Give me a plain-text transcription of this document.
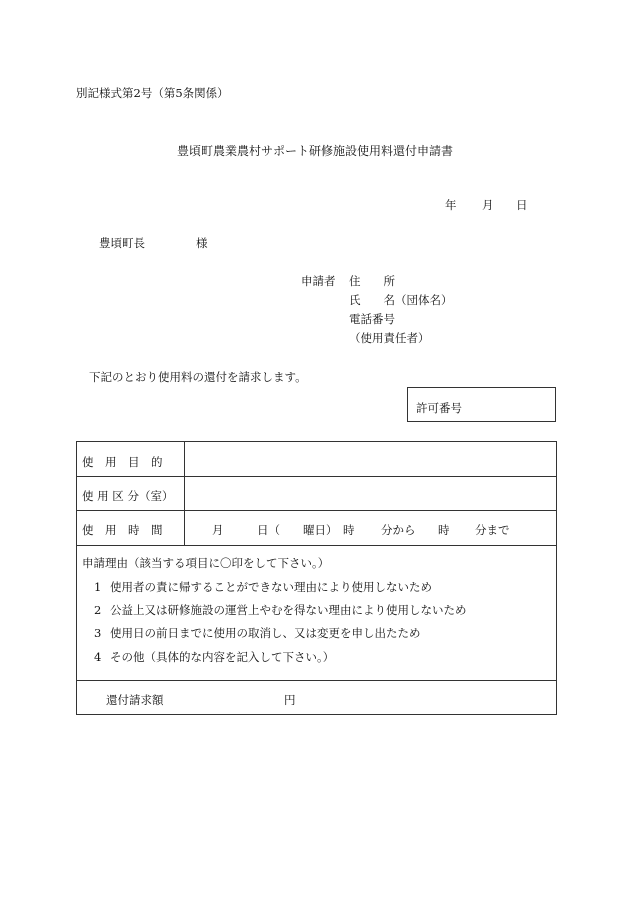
別記様式第2号（第5条関係）
豊頃町農業農村サポート研修施設使用料還付申請書
年 月 日
豊頃町長	様
申請者 住　　所
氏　　名（団体名）
電話番号
（使用責任者）
下記のとおり使用料の還付を請求します。
許可番号
使　用　目　的
使 用 区 分（室）
使　用　時　間	月	日（ 曜日） 時 分から 時 分まで
申請理由（該当する項目に〇印をして下さい。）
1 使用者の責に帰することができない理由により使用しないため
2 公益上又は研修施設の運営上やむを得ない理由により使用しないため
3 使用日の前日までに使用の取消し、又は変更を申し出たため
4 その他（具体的な内容を記入して下さい。）
還付請求額	円
